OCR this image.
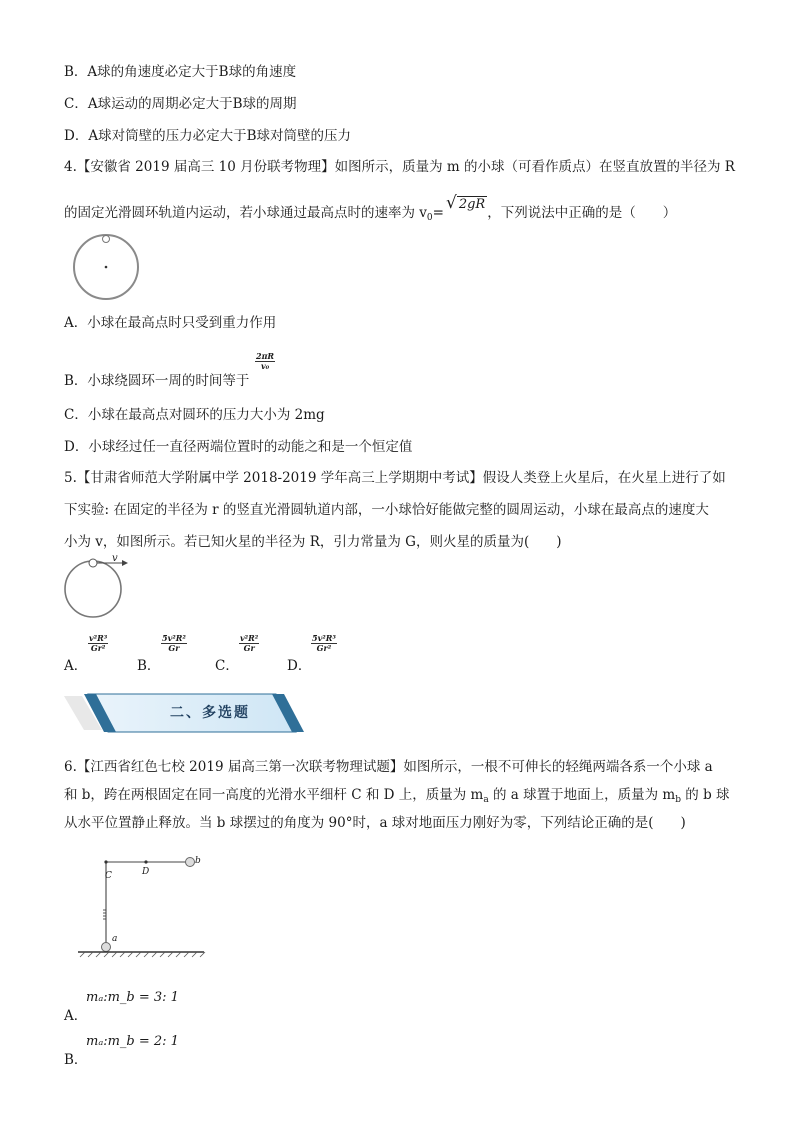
B．A球的角速度必定大于B球的角速度
C．A球运动的周期必定大于B球的周期
D．A球对筒壁的压力必定大于B球对筒壁的压力
4.【安徽省 2019 届高三 10 月份联考物理】如图所示，质量为 m 的小球（可看作质点）在竖直放置的半径为 R
的固定光滑圆环轨道内运动，若小球通过最高点时的速率为 $v_0=$ √ 2gR，下列说法中正确的是（　　）
A．小球在最高点时只受到重力作用
B．小球绕圆环一周的时间等于
$\frac{2\pi R}{\text{v₀}}$
C．小球在最高点对圆环的压力大小为 2mg
D．小球经过任一直径两端位置时的动能之和是一个恒定值
5.【甘肃省师范大学附属中学 2018-2019 学年高三上学期期中考试】假设人类登上火星后，在火星上进行了如
下实验: 在固定的半径为 r 的竖直光滑圆轨道内部，一小球恰好能做完整的圆周运动，小球在最高点的速度大
小为 v，如图所示。若已知火星的半径为 R，引力常量为 G，则火星的质量为(　　)
v
A．
$\frac{\text{v²R³}}{\text{Gr²}}$
B．
$\frac{\text{5v²R²}}{Gr}$
C．
$\frac{\text{v²R²}}{Gr}$
D．
$\frac{\text{5v²R³}}{\text{Gr²}}$
二、多选题
6.【江西省红色七校 2019 届高三第一次联考物理试题】如图所示，一根不可伸长的轻绳两端各系一个小球 a
和 b，跨在两根固定在同一高度的光滑水平细杆 C 和 D 上，质量为 $m_a$ 的 a 球置于地面上，质量为 $m_b$ 的 b 球
从水平位置静止释放。当 b 球摆过的角度为 90°时，a 球对地面压力刚好为零，下列结论正确的是(　　)
b
C	D
a
A．
mₐ:m_b = 3: 1
B．
mₐ:m_b = 2: 1
